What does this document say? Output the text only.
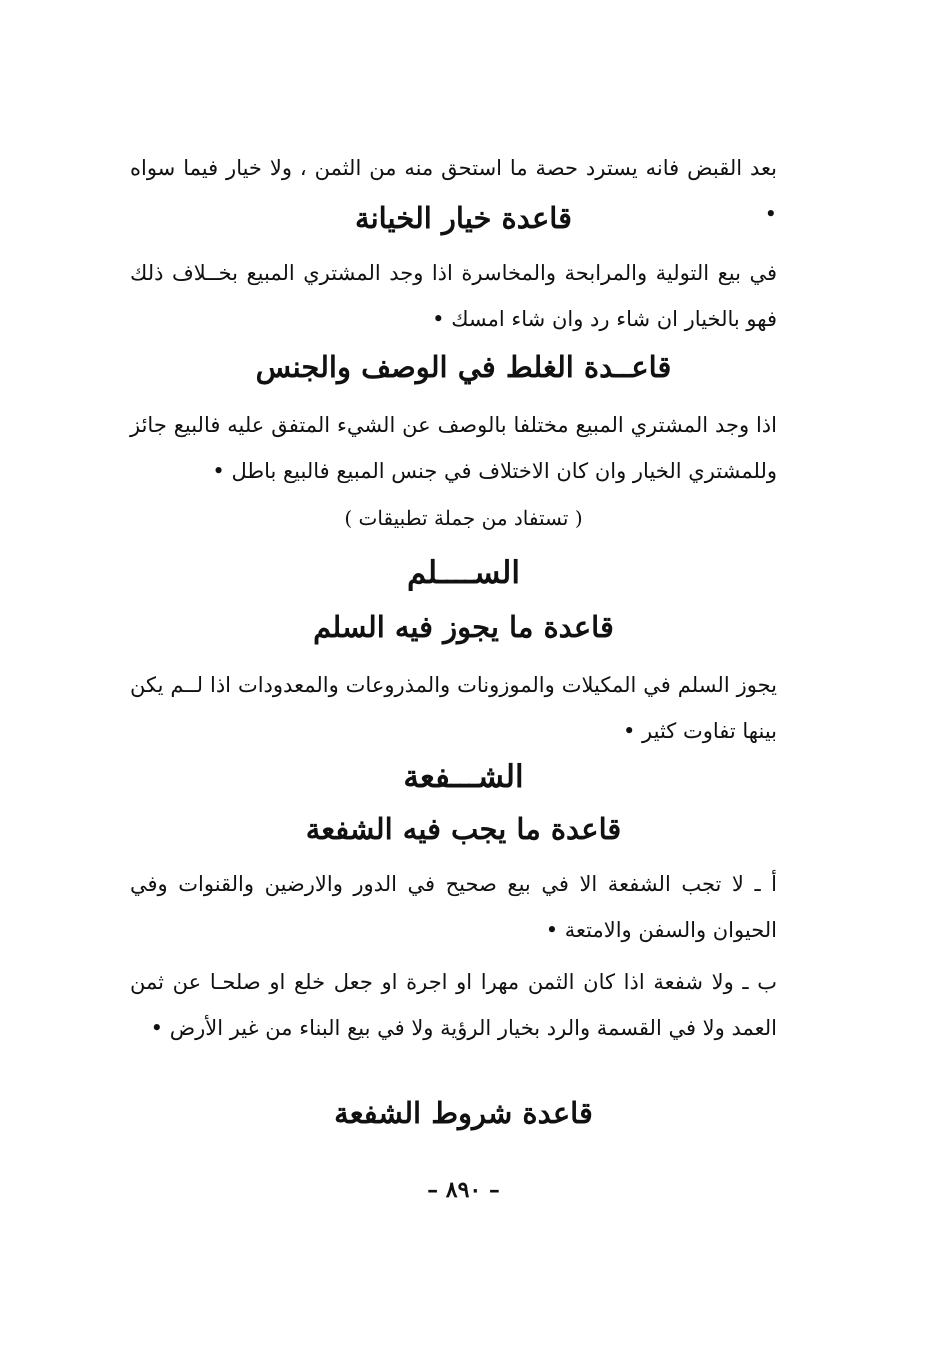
بعد القبض فانه يسترد حصة ما استحق منه من الثمن ، ولا خيار فيما سواه •

قاعدة خيار الخيانة

في بيع التولية والمرابحة والمخاسرة اذا وجد المشتري المبيع بخــلاف ذلك فهو بالخيار ان شاء رد وان شاء امسك •

قاعــدة الغلط في الوصف والجنس

اذا وجد المشتري المبيع مختلفا بالوصف عن الشيء المتفق عليه فالبيع جائز وللمشتري الخيار وان كان الاختلاف في جنس المبيع فالبيع باطل •

( تستفاد من جملة تطبيقات )
الســــلم
قاعدة ما يجوز فيه السلم

يجوز السلم في المكيلات والموزونات والمذروعات والمعدودات اذا لــم يكن بينها تفاوت كثير •

الشـــفعة
قاعدة ما يجب فيه الشفعة

أ ـ لا تجب الشفعة الا في بيع صحيح في الدور والارضين والقنوات وفي الحيوان والسفن والامتعة •

ب ـ ولا شفعة اذا كان الثمن مهرا او اجرة او جعل خلع او صلحـا عن ثمن العمد ولا في القسمة والرد بخيار الرؤية ولا في بيع البناء من غير الأرض •

قاعدة شروط الشفعة
– ٨٩٠ –
